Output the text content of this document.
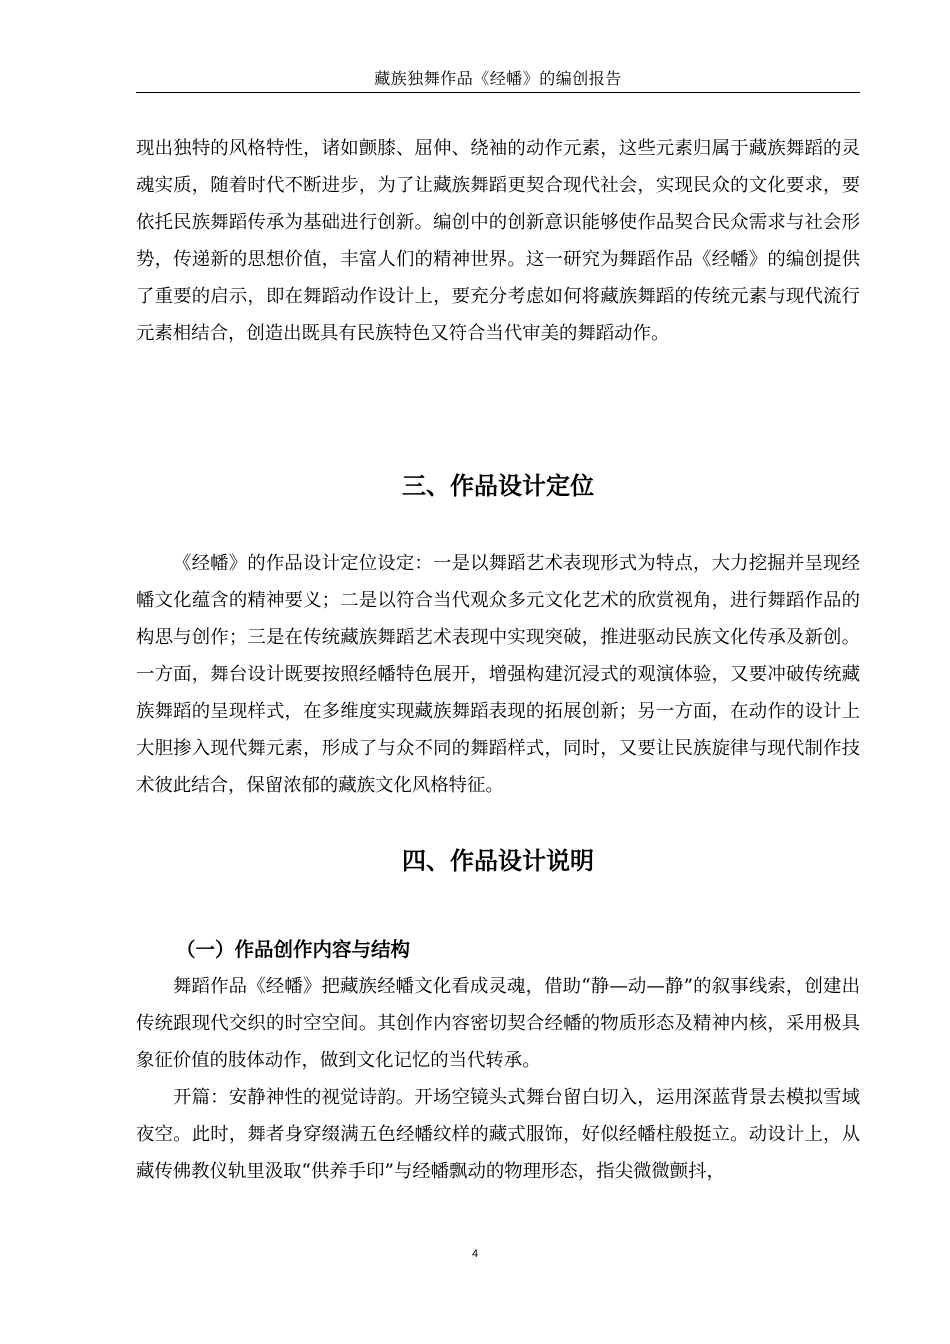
藏族独舞作品《经幡》的编创报告

现出独特的风格特性，诸如颤膝、屈伸、绕袖的动作元素，这些元素归属于藏族舞蹈的灵魂实质，随着时代不断进步，为了让藏族舞蹈更契合现代社会，实现民众的文化要求，要依托民族舞蹈传承为基础进行创新。编创中的创新意识能够使作品契合民众需求与社会形势，传递新的思想价值，丰富人们的精神世界。这一研究为舞蹈作品《经幡》的编创提供了重要的启示，即在舞蹈动作设计上，要充分考虑如何将藏族舞蹈的传统元素与现代流行元素相结合，创造出既具有民族特色又符合当代审美的舞蹈动作。

三、作品设计定位

《经幡》的作品设计定位设定：一是以舞蹈艺术表现形式为特点，大力挖掘并呈现经幡文化蕴含的精神要义；二是以符合当代观众多元文化艺术的欣赏视角，进行舞蹈作品的构思与创作；三是在传统藏族舞蹈艺术表现中实现突破，推进驱动民族文化传承及新创。一方面，舞台设计既要按照经幡特色展开，增强构建沉浸式的观演体验，又要冲破传统藏族舞蹈的呈现样式，在多维度实现藏族舞蹈表现的拓展创新；另一方面，在动作的设计上大胆掺入现代舞元素，形成了与众不同的舞蹈样式，同时，又要让民族旋律与现代制作技术彼此结合，保留浓郁的藏族文化风格特征。

四、作品设计说明
（一）作品创作内容与结构

舞蹈作品《经幡》把藏族经幡文化看成灵魂，借助“静—动—静”的叙事线索，创建出传统跟现代交织的时空空间。其创作内容密切契合经幡的物质形态及精神内核，采用极具象征价值的肢体动作，做到文化记忆的当代转承。

开篇：安静神性的视觉诗韵。开场空镜头式舞台留白切入，运用深蓝背景去模拟雪域夜空。此时，舞者身穿缀满五色经幡纹样的藏式服饰，好似经幡柱般挺立。动设计上，从藏传佛教仪轨里汲取“供养手印”与经幡飘动的物理形态，指尖微微颤抖，

4
